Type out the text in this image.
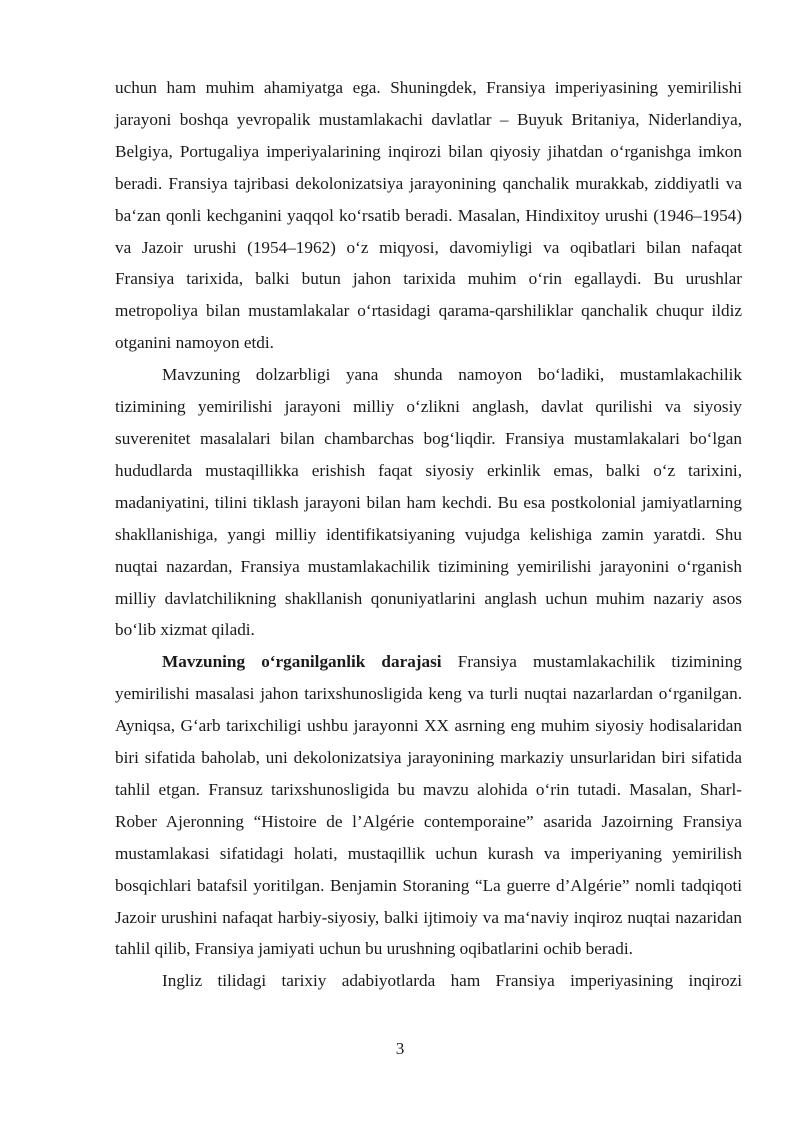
uchun ham muhim ahamiyatga ega. Shuningdek, Fransiya imperiyasining yemirilishi jarayoni boshqa yevropalik mustamlakachi davlatlar – Buyuk Britaniya, Niderlandiya, Belgiya, Portugaliya imperiyalarining inqirozi bilan qiyosiy jihatdan oʻrganishga imkon beradi. Fransiya tajribasi dekolonizatsiya jarayonining qanchalik murakkab, ziddiyatli va baʻzan qonli kechganini yaqqol koʻrsatib beradi. Masalan, Hindixitoy urushi (1946–1954) va Jazoir urushi (1954–1962) oʻz miqyosi, davomiyligi va oqibatlari bilan nafaqat Fransiya tarixida, balki butun jahon tarixida muhim oʻrin egallaydi. Bu urushlar metropoliya bilan mustamlakalar oʻrtasidagi qarama-qarshiliklar qanchalik chuqur ildiz otganini namoyon etdi.

Mavzuning dolzarbligi yana shunda namoyon boʻladiki, mustamlakachilik tizimining yemirilishi jarayoni milliy oʻzlikni anglash, davlat qurilishi va siyosiy suverenitet masalalari bilan chambarchas bogʻliqdir. Fransiya mustamlakalari boʻlgan hududlarda mustaqillikka erishish faqat siyosiy erkinlik emas, balki oʻz tarixini, madaniyatini, tilini tiklash jarayoni bilan ham kechdi. Bu esa postkolonial jamiyatlarning shakllanishiga, yangi milliy identifikatsiyaning vujudga kelishiga zamin yaratdi. Shu nuqtai nazardan, Fransiya mustamlakachilik tizimining yemirilishi jarayonini oʻrganish milliy davlatchilikning shakllanish qonuniyatlarini anglash uchun muhim nazariy asos boʻlib xizmat qiladi.

Mavzuning oʻrganilganlik darajasi Fransiya mustamlakachilik tizimining yemirilishi masalasi jahon tarixshunosligida keng va turli nuqtai nazarlardan oʻrganilgan. Ayniqsa, Gʻarb tarixchiligi ushbu jarayonni XX asrning eng muhim siyosiy hodisalaridan biri sifatida baholab, uni dekolonizatsiya jarayonining markaziy unsurlaridan biri sifatida tahlil etgan. Fransuz tarixshunosligida bu mavzu alohida oʻrin tutadi. Masalan, Sharl-Rober Ajeronning “Histoire de l’Algérie contemporaine” asarida Jazoirning Fransiya mustamlakasi sifatidagi holati, mustaqillik uchun kurash va imperiyaning yemirilish bosqichlari batafsil yoritilgan. Benjamin Storaning “La guerre d’Algérie” nomli tadqiqoti Jazoir urushini nafaqat harbiy-siyosiy, balki ijtimoiy va maʻnaviy inqiroz nuqtai nazaridan tahlil qilib, Fransiya jamiyati uchun bu urushning oqibatlarini ochib beradi.

Ingliz tilidagi tarixiy adabiyotlarda ham Fransiya imperiyasining inqirozi

3
